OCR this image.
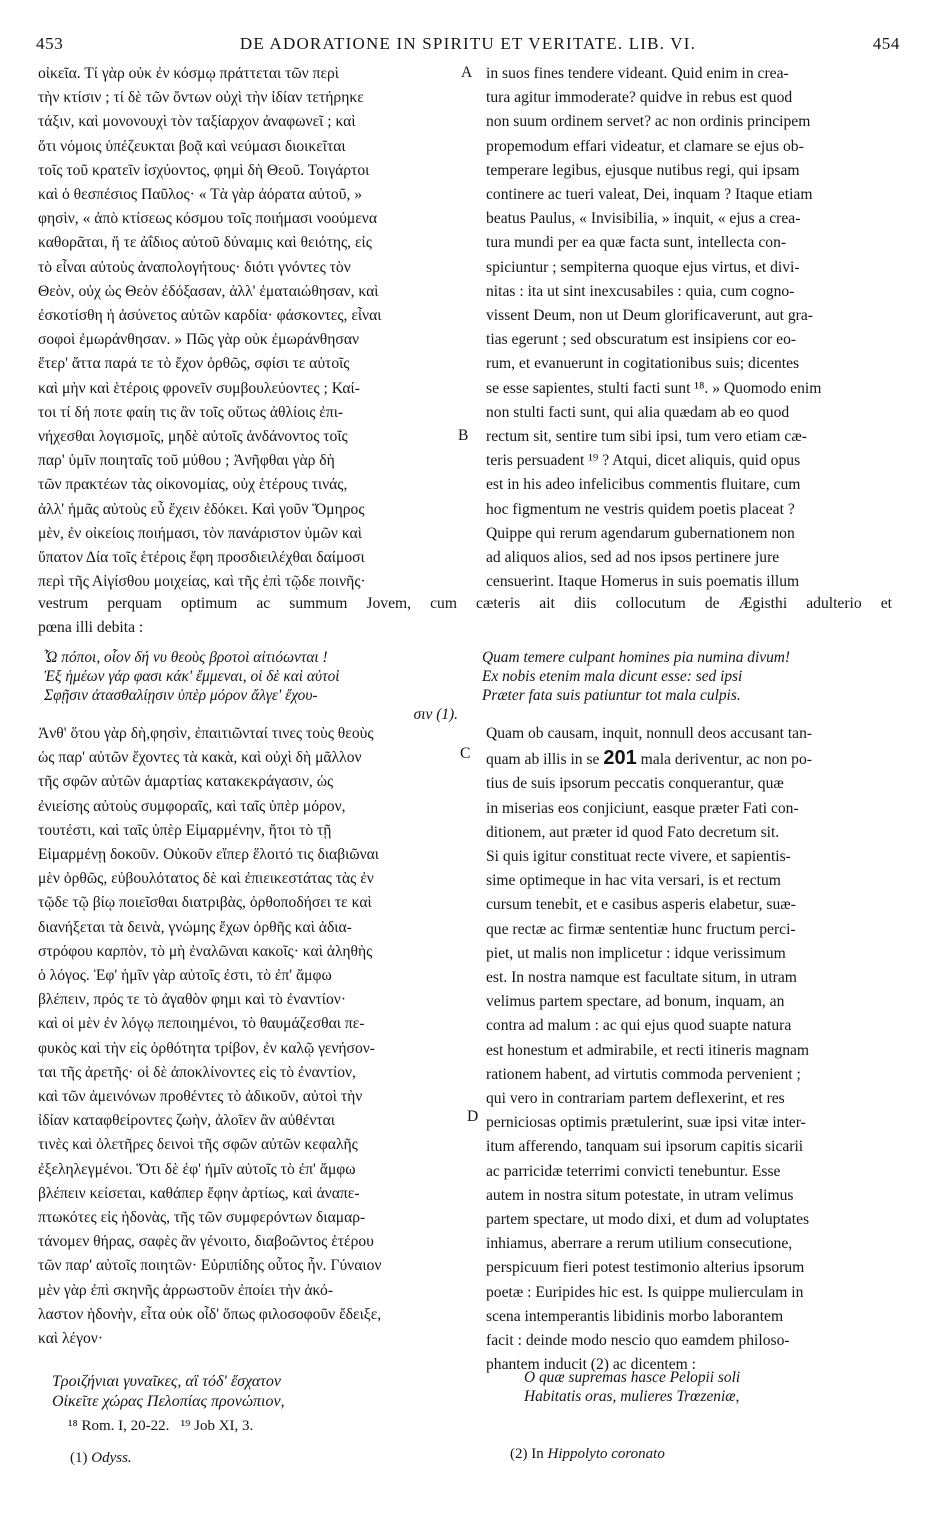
453	DE ADORATIONE IN SPIRITU ET VERITATE. LIB. VI.	454

οἰκεῖα. Τί γὰρ οὐκ ἐν κόσμῳ πράττεται τῶν περὶ

τὴν κτίσιν ; τί δὲ τῶν ὄντων οὐχὶ τὴν ἰδίαν τετήρηκε

τάξιν, καὶ μονονουχὶ τὸν ταξίαρχον ἀναφωνεῖ ; καὶ

ὅτι νόμοις ὑπέζευκται βοᾷ καὶ νεύμασι διοικεῖται

τοῖς τοῦ κρατεῖν ἰσχύοντος, φημὶ δὴ Θεοῦ. Τοιγάρτοι

καὶ ὁ θεσπέσιος Παῦλος· « Τὰ γὰρ ἀόρατα αὐτοῦ, »

φησὶν, « ἀπὸ κτίσεως κόσμου τοῖς ποιήμασι νοούμενα

καθορᾶται, ἥ τε ἀΐδιος αὐτοῦ δύναμις καὶ θειότης, εἰς

τὸ εἶναι αὐτοὺς ἀναπολογήτους· διότι γνόντες τὸν

Θεὸν, οὐχ ὡς Θεὸν ἐδόξασαν, ἀλλ' ἐματαιώθησαν, καὶ

ἐσκοτίσθη ἡ ἀσύνετος αὐτῶν καρδία· φάσκοντες, εἶναι

σοφοὶ ἐμωράνθησαν. » Πῶς γὰρ οὐκ ἐμωράνθησαν

ἕτερ' ἄττα παρά τε τὸ ἔχον ὀρθῶς, σφίσι τε αὐτοῖς

καὶ μὴν καὶ ἑτέροις φρονεῖν συμβουλεύοντες ; Καί-

τοι τί δή ποτε φαίη τις ἂν τοῖς οὕτως ἀθλίοις ἐπι-

νήχεσθαι λογισμοῖς, μηδὲ αὐτοῖς ἀνδάνοντος τοῖς

παρ' ὑμῖν ποιηταῖς τοῦ μύθου ; Ἀνῆφθαι γὰρ δὴ

τῶν πρακτέων τὰς οἰκονομίας, οὐχ ἑτέρους τινάς,

ἀλλ' ἡμᾶς αὐτοὺς εὖ ἔχειν ἐδόκει. Καὶ γοῦν Ὅμηρος

μὲν, ἐν οἰκείοις ποιήμασι, τὸν πανάριστον ὑμῶν καὶ

ὕπατον Δία τοῖς ἑτέροις ἔφη προσδιειλέχθαι δαίμοσι

περὶ τῆς Αἰγίσθου μοιχείας, καὶ τῆς ἐπὶ τῷδε ποινῆς·

in suos fines tendere videant. Quid enim in crea-

tura agitur immoderate? quidve in rebus est quod

non suum ordinem servet? ac non ordinis principem

propemodum effari videatur, et clamare se ejus ob-

temperare legibus, ejusque nutibus regi, qui ipsam

continere ac tueri valeat, Dei, inquam ? Itaque etiam

beatus Paulus, « Invisibilia, » inquit, « ejus a crea-

tura mundi per ea quæ facta sunt, intellecta con-

spiciuntur ; sempiterna quoque ejus virtus, et divi-

nitas : ita ut sint inexcusabiles : quia, cum cogno-

vissent Deum, non ut Deum glorificaverunt, aut gra-

tias egerunt ; sed obscuratum est insipiens cor eo-

rum, et evanuerunt in cogitationibus suis; dicentes

se esse sapientes, stulti facti sunt ¹⁸. » Quomodo enim

non stulti facti sunt, qui alia quædam ab eo quod

rectum sit, sentire tum sibi ipsi, tum vero etiam cæ-

teris persuadent ¹⁹ ? Atqui, dicet aliquis, quid opus

est in his adeo infelicibus commentis fluitare, cum

hoc figmentum ne vestris quidem poetis placeat ?

Quippe qui rerum agendarum gubernationem non

ad aliquos alios, sed ad nos ipsos pertinere jure

censuerint. Itaque Homerus in suis poematis illum

A
B
C
D

vestrum perquam optimum ac summum Jovem, cum cæteris ait diis collocutum de Ægisthi adulterio et

pœna illi debita :

Ὦ πόποι, οἷον δή νυ θεοὺς βροτοὶ αἰτιόωνται !
Ἐξ ἡμέων γάρ φασι κάκ' ἔμμεναι, οἱ δὲ καὶ αὐτοὶ
Σφῇσιν ἀτασθαλίῃσιν ὑπὲρ μόρον ἄλγε' ἔχου-
σιν (1).
Quam temere culpant homines pia numina divum!
Ex nobis etenim mala dicunt esse: sed ipsi
Præter fata suis patiuntur tot mala culpis.

Ἀνθ' ὅτου γὰρ δὴ,φησὶν, ἐπαιτιῶνταί τινες τοὺς θεοὺς

ὡς παρ' αὐτῶν ἔχοντες τὰ κακὰ, καὶ οὐχὶ δὴ μᾶλλον

τῆς σφῶν αὐτῶν ἁμαρτίας κατακεκράγασιν, ὡς

ἐνιείσης αὐτοὺς συμφοραῖς, καὶ ταῖς ὑπὲρ μόρον,

τουτέστι, καὶ ταῖς ὑπὲρ Εἱμαρμένην, ἤτοι τὸ τῇ

Εἱμαρμένῃ δοκοῦν. Οὐκοῦν εἴπερ ἕλοιτό τις διαβιῶναι

μὲν ὀρθῶς, εὐβουλότατος δὲ καὶ ἐπιεικεστάτας τὰς ἐν

τῷδε τῷ βίῳ ποιεῖσθαι διατριβὰς, ὀρθοποδήσει τε καὶ

διανήξεται τὰ δεινὰ, γνώμης ἔχων ὀρθῆς καὶ ἀδια-

στρόφου καρπὸν, τὸ μὴ ἐναλῶναι κακοῖς· καὶ ἀληθὴς

ὁ λόγος. Ἐφ' ἡμῖν γὰρ αὐτοῖς ἐστι, τὸ ἐπ' ἄμφω

βλέπειν, πρός τε τὸ ἀγαθὸν φημι καὶ τὸ ἐναντίον·

καὶ οἱ μὲν ἐν λόγῳ πεποιημένοι, τὸ θαυμάζεσθαι πε-

φυκὸς καὶ τὴν εἰς ὀρθότητα τρίβον, ἐν καλῷ γενήσον-

ται τῆς ἀρετῆς· οἱ δὲ ἀποκλίνοντες εἰς τὸ ἐναντίον,

καὶ τῶν ἀμεινόνων προθέντες τὸ ἀδικοῦν, αὐτοὶ τὴν

ἰδίαν καταφθείροντες ζωὴν, ἀλοῖεν ἂν αὐθένται

τινὲς καὶ ὀλετῆρες δεινοὶ τῆς σφῶν αὐτῶν κεφαλῆς

ἐξεληλεγμένοι. Ὅτι δὲ ἐφ' ἡμῖν αὐτοῖς τὸ ἐπ' ἄμφω

βλέπειν κείσεται, καθάπερ ἔφην ἀρτίως, καὶ ἀναπε-

πτωκότες εἰς ἡδονὰς, τῆς τῶν συμφερόντων διαμαρ-

τάνομεν θήρας, σαφὲς ἂν γένοιτο, διαβοῶντος ἑτέρου

τῶν παρ' αὐτοῖς ποιητῶν· Εὐριπίδης οὗτος ἦν. Γύναιον

μὲν γὰρ ἐπὶ σκηνῆς ἀρρωστοῦν ἐποίει τὴν ἀκό-

λαστον ἡδονὴν, εἶτα οὐκ οἶδ' ὅπως φιλοσοφοῦν ἔδειξε,

καὶ λέγον·

Quam ob causam, inquit, nonnull deos accusant tan-

quam ab illis in se 201 mala deriventur, ac non po-

tius de suis ipsorum peccatis conquerantur, quæ

in miserias eos conjiciunt, easque præter Fati con-

ditionem, aut præter id quod Fato decretum sit.

Si quis igitur constituat recte vivere, et sapientis-

sime optimeque in hac vita versari, is et rectum

cursum tenebit, et e casibus asperis elabetur, suæ-

que rectæ ac firmæ sententiæ hunc fructum perci-

piet, ut malis non implicetur : idque verissimum

est. In nostra namque est facultate situm, in utram

velimus partem spectare, ad bonum, inquam, an

contra ad malum : ac qui ejus quod suapte natura

est honestum et admirabile, et recti itineris magnam

rationem habent, ad virtutis commoda pervenient ;

qui vero in contrariam partem deflexerint, et res

perniciosas optimis prætulerint, suæ ipsi vitæ inter-

itum afferendo, tanquam sui ipsorum capitis sicarii

ac parricidæ teterrimi convicti tenebuntur. Esse

autem in nostra situm potestate, in utram velimus

partem spectare, ut modo dixi, et dum ad voluptates

inhiamus, aberrare a rerum utilium consecutione,

perspicuum fieri potest testimonio alterius ipsorum

poetæ : Euripides hic est. Is quippe mulierculam in

scena intemperantis libidinis morbo laborantem

facit : deinde modo nescio quo eamdem philoso-

phantem inducit (2) ac dicentem :

Τροιζήνιαι γυναῖκες, αἳ τόδ' ἔσχατον
Οἰκεῖτε χώρας Πελοπίας προνώπιον,
O quæ supremas hasce Pelopii soli
Habitatis oras, mulieres Trœzeniæ,
¹⁸ Rom. I, 20-22.   ¹⁹ Job XI, 3.
(1) Odyss.	(2) In Hippolyto coronato
